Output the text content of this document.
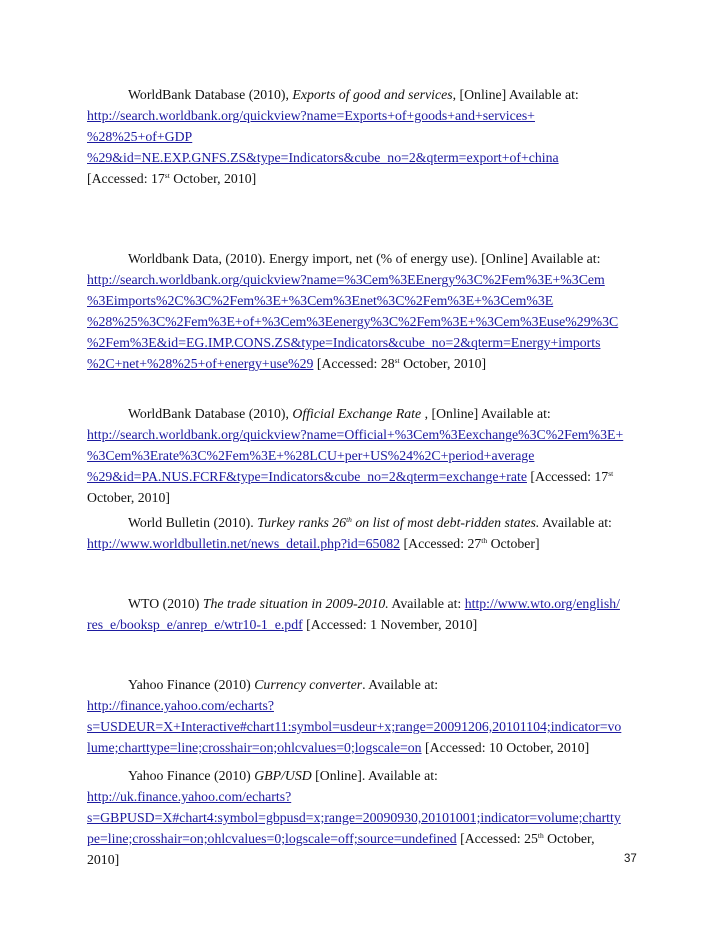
WorldBank Database (2010), Exports of good and services, [Online] Available at:
http://search.worldbank.org/quickview?name=Exports+of+goods+and+services+
%28%25+of+GDP
%29&id=NE.EXP.GNFS.ZS&type=Indicators&cube_no=2&qterm=export+of+china
[Accessed: 17st October, 2010]
Worldbank Data, (2010). Energy import, net (% of energy use). [Online] Available at:
http://search.worldbank.org/quickview?name=%3Cem%3EEnergy%3C%2Fem%3E+%3Cem
%3Eimports%2C%3C%2Fem%3E+%3Cem%3Enet%3C%2Fem%3E+%3Cem%3E
%28%25%3C%2Fem%3E+of+%3Cem%3Eenergy%3C%2Fem%3E+%3Cem%3Euse%29%3C
%2Fem%3E&id=EG.IMP.CONS.ZS&type=Indicators&cube_no=2&qterm=Energy+imports
%2C+net+%28%25+of+energy+use%29 [Accessed: 28st October, 2010]
WorldBank Database (2010), Official Exchange Rate , [Online] Available at:
http://search.worldbank.org/quickview?name=Official+%3Cem%3Eexchange%3C%2Fem%3E+
%3Cem%3Erate%3C%2Fem%3E+%28LCU+per+US%24%2C+period+average
%29&id=PA.NUS.FCRF&type=Indicators&cube_no=2&qterm=exchange+rate [Accessed: 17st
October, 2010]
World Bulletin (2010). Turkey ranks 26th on list of most debt-ridden states. Available at:
http://www.worldbulletin.net/news_detail.php?id=65082 [Accessed: 27th October]
WTO (2010) The trade situation in 2009-2010. Available at: http://www.wto.org/english/
res_e/booksp_e/anrep_e/wtr10-1_e.pdf [Accessed: 1 November, 2010]
Yahoo Finance (2010) Currency converter. Available at:
http://finance.yahoo.com/echarts?
s=USDEUR=X+Interactive#chart11:symbol=usdeur+x;range=20091206,20101104;indicator=vo
lume;charttype=line;crosshair=on;ohlcvalues=0;logscale=on [Accessed: 10 October, 2010]
Yahoo Finance (2010) GBP/USD [Online]. Available at:
http://uk.finance.yahoo.com/echarts?
s=GBPUSD=X#chart4:symbol=gbpusd=x;range=20090930,20101001;indicator=volume;chartty
pe=line;crosshair=on;ohlcvalues=0;logscale=off;source=undefined [Accessed: 25th October,
2010]	37
